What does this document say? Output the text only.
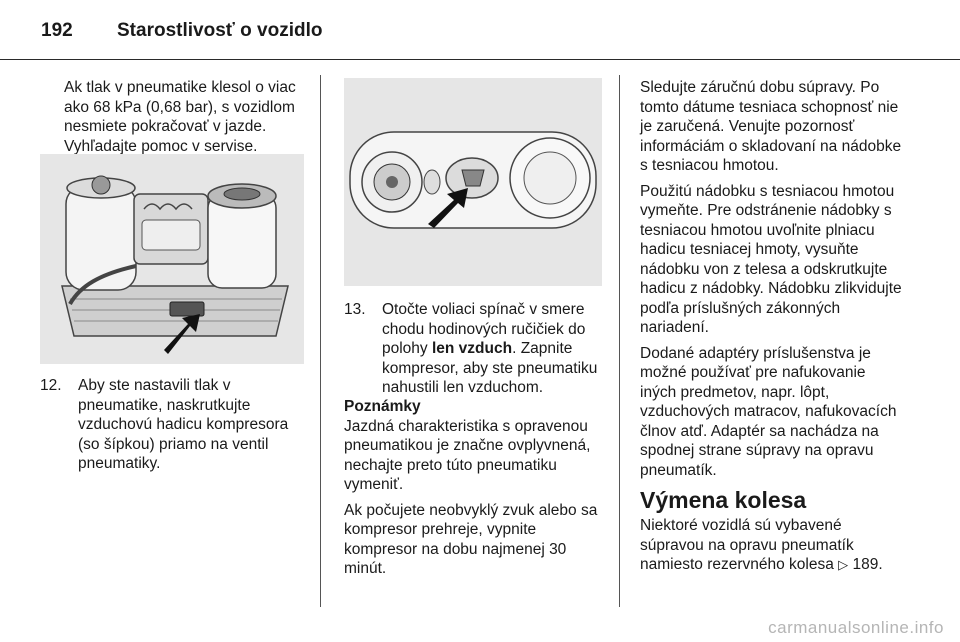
192	Starostlivosť o vozidlo

Ak tlak v pneumatike klesol o viac ako 68 kPa (0,68 bar), s vozidlom nesmiete pokračovať v jazde. Vyhľadajte pomoc v servise.

12.	Aby ste nastavili tlak v pneumatike, naskrutkujte vzduchovú hadicu kompresora (so šípkou) priamo na ventil pneumatiky.
13.	Otočte voliaci spínač v smere chodu hodinových ručičiek do polohy len vzduch. Zapnite kompresor, aby ste pneumatiku nahustili len vzduchom.

Poznámky

Jazdná charakteristika s opravenou pneumatikou je značne ovplyvnená, nechajte preto túto pneumatiku vymeniť.

Ak počujete neobvyklý zvuk alebo sa kompresor prehreje, vypnite kompresor na dobu najmenej 30 minút.

Sledujte záručnú dobu súpravy. Po tomto dátume tesniaca schopnosť nie je zaručená. Venujte pozornosť informáciám o skladovaní na nádobke s tesniacou hmotou.

Použitú nádobku s tesniacou hmotou vymeňte. Pre odstránenie nádobky s tesniacou hmotou uvoľnite plniacu hadicu tesniacej hmoty, vysuňte nádobku von z telesa a odskrutkujte hadicu z nádobky. Nádobku zlikvidujte podľa príslušných zákonných nariadení.

Dodané adaptéry príslušenstva je možné používať pre nafukovanie iných predmetov, napr. lôpt, vzduchových matracov, nafukovacích člnov atď. Adaptér sa nachádza na spodnej strane súpravy na opravu pneumatík.

Výmena kolesa

Niektoré vozidlá sú vybavené súpravou na opravu pneumatík namiesto rezervného kolesa ▷ 189.

carmanualsonline.info
